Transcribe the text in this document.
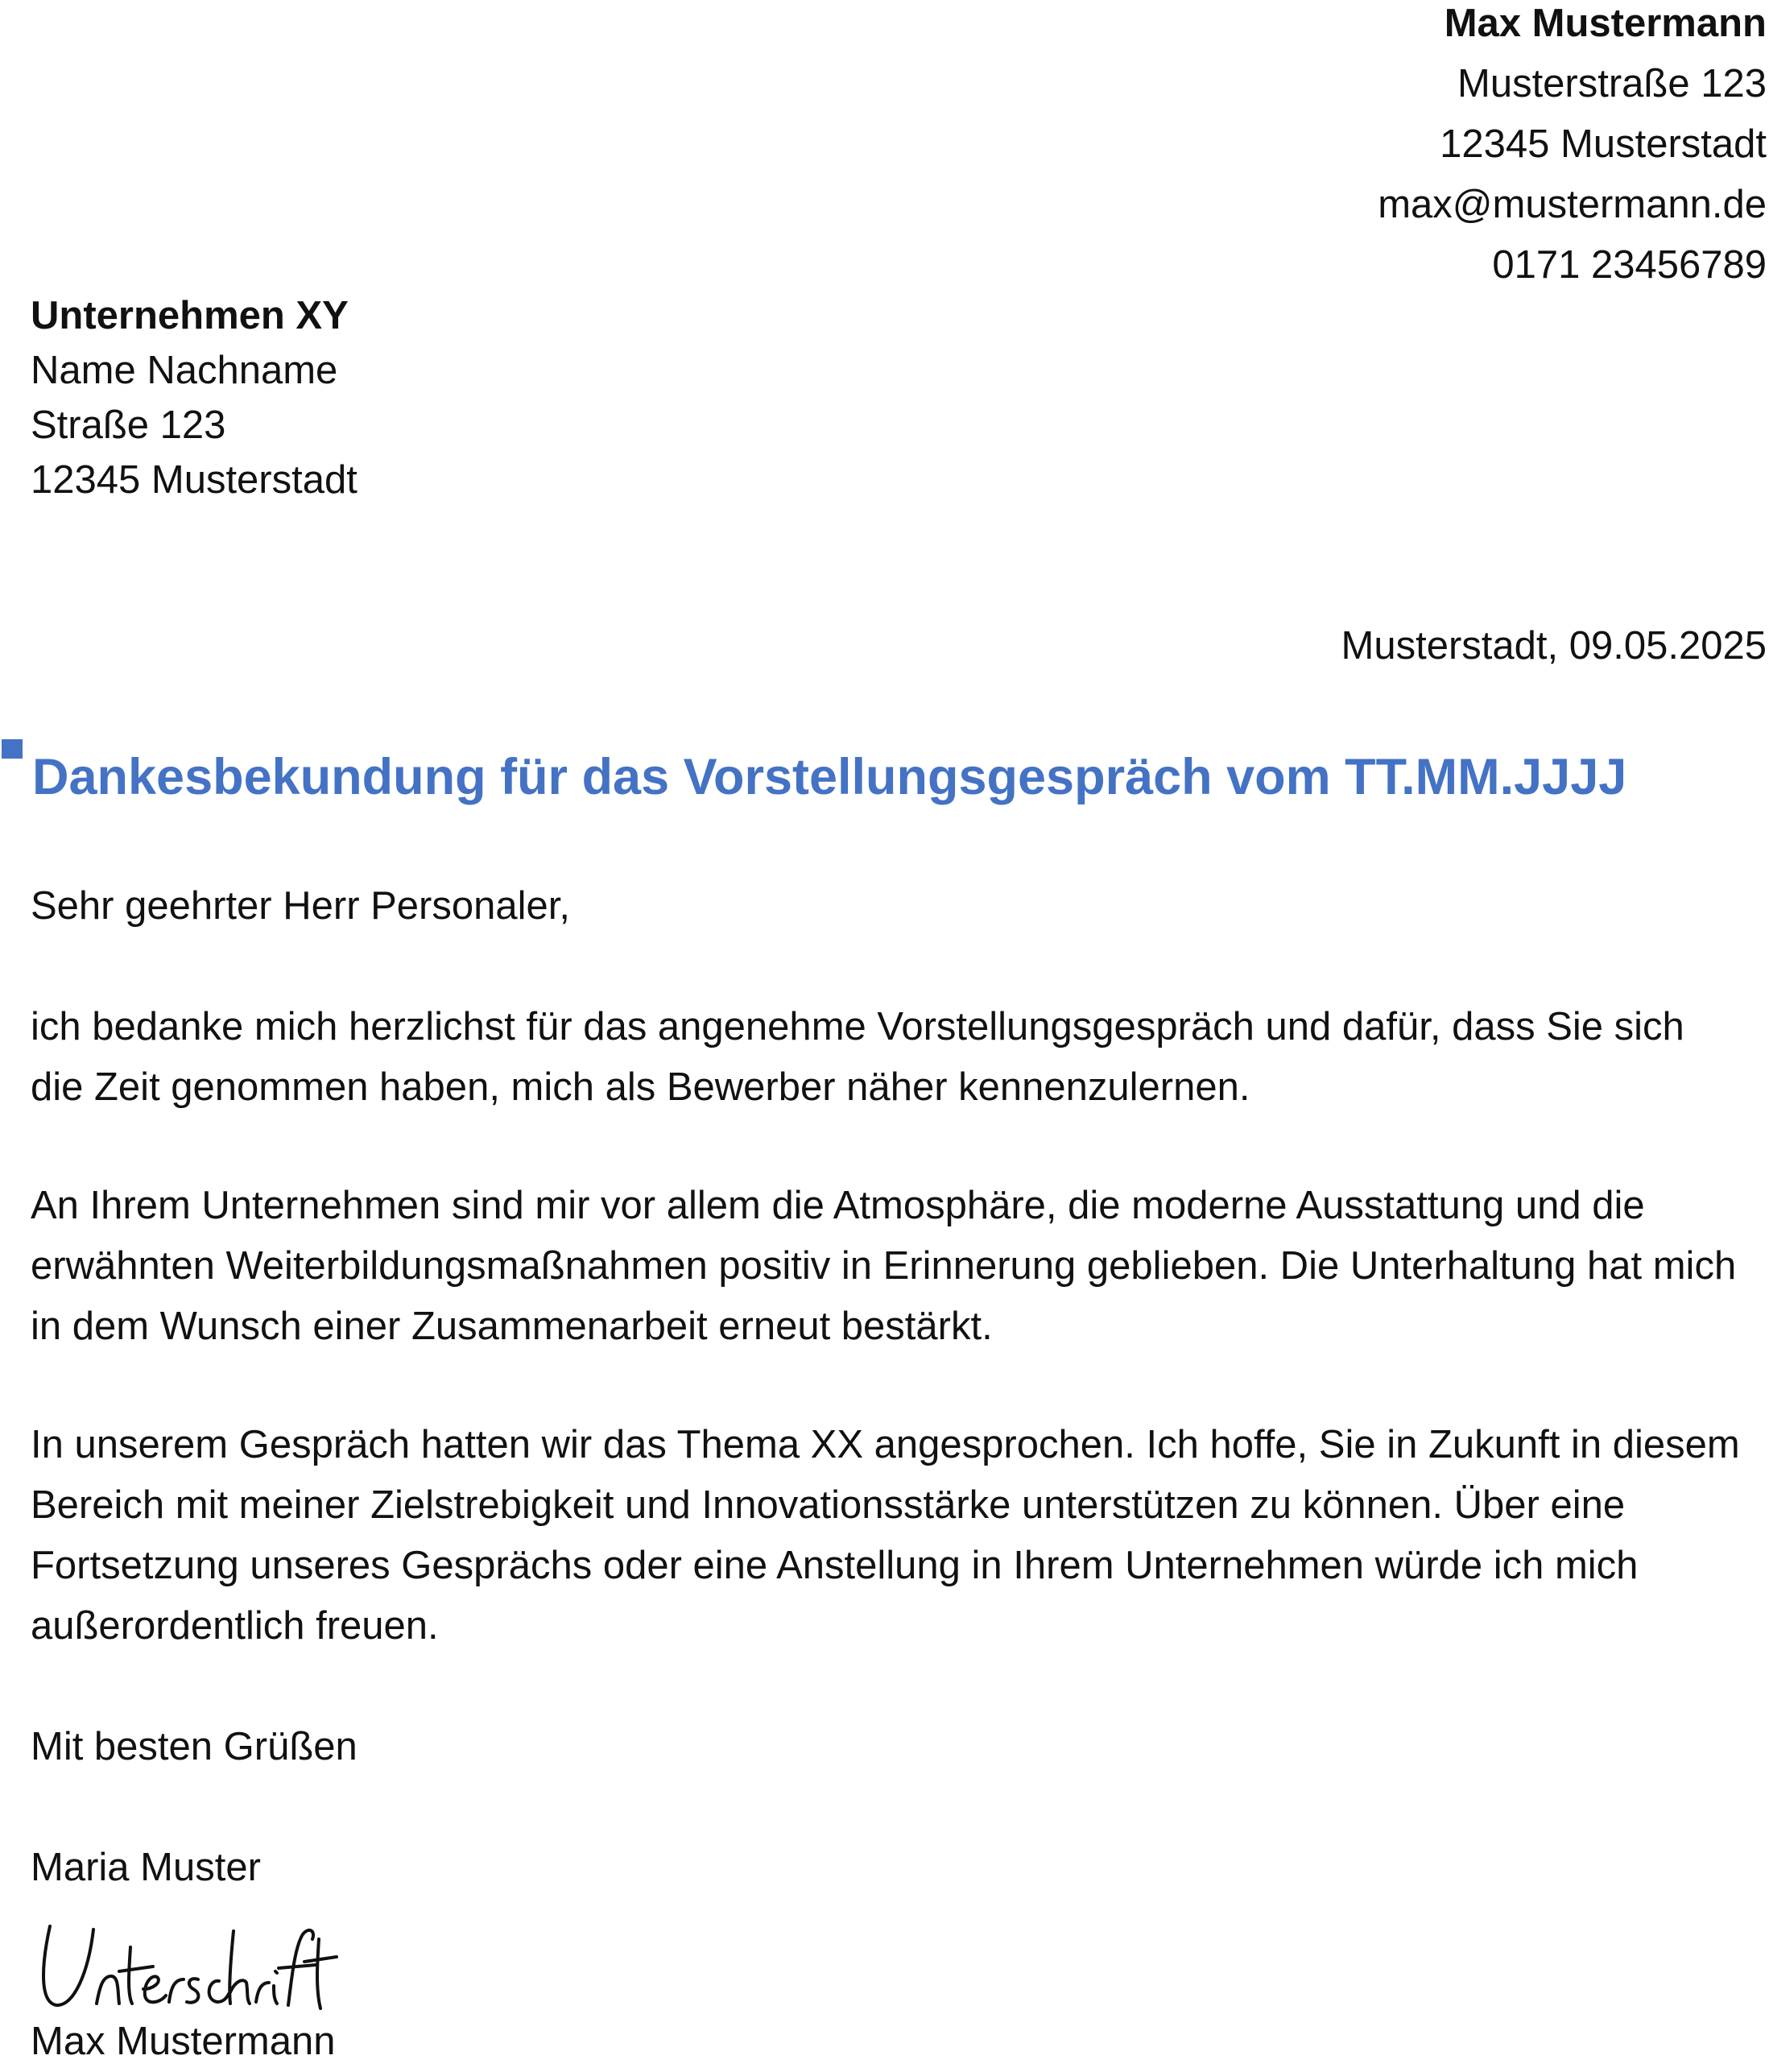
Max Mustermann
Musterstraße 123
12345 Musterstadt
max@mustermann.de
0171 23456789
Unternehmen XY
Name Nachname
Straße 123
12345 Musterstadt
Musterstadt, 09.05.2025
Dankesbekundung für das Vorstellungsgespräch vom TT.MM.JJJJ
Sehr geehrter Herr Personaler,
ich bedanke mich herzlichst für das angenehme Vorstellungsgespräch und dafür, dass Sie sich die Zeit genommen haben, mich als Bewerber näher kennenzulernen.
An Ihrem Unternehmen sind mir vor allem die Atmosphäre, die moderne Ausstattung und die erwähnten Weiterbildungsmaßnahmen positiv in Erinnerung geblieben. Die Unterhaltung hat mich in dem Wunsch einer Zusammenarbeit erneut bestärkt.
In unserem Gespräch hatten wir das Thema XX angesprochen. Ich hoffe, Sie in Zukunft in diesem Bereich mit meiner Zielstrebigkeit und Innovationsstärke unterstützen zu können. Über eine Fortsetzung unseres Gesprächs oder eine Anstellung in Ihrem Unternehmen würde ich mich außerordentlich freuen.
Mit besten Grüßen
Maria Muster
Max Mustermann
